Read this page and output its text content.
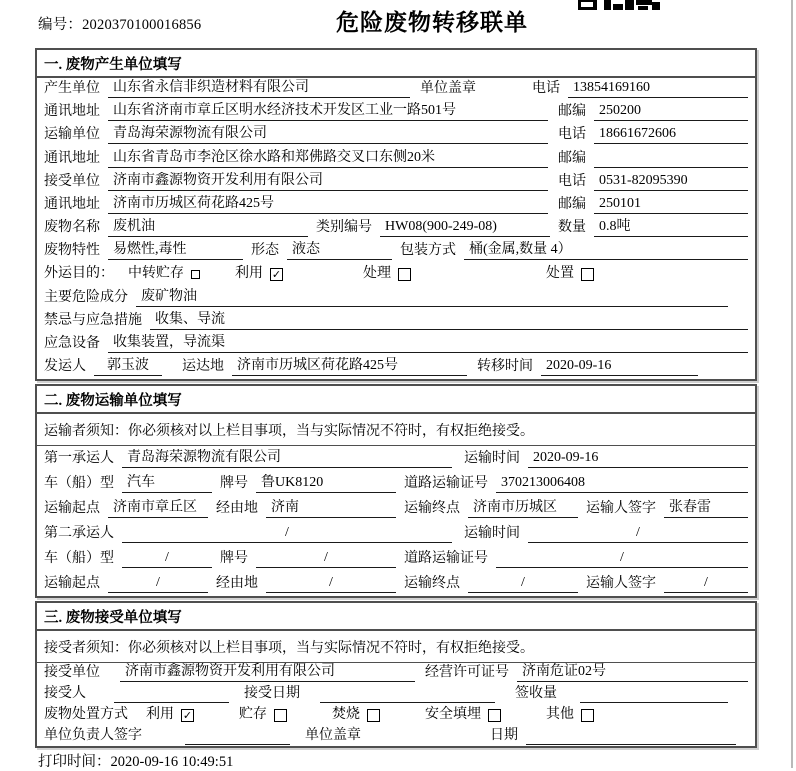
编号：2020370100016856	危险废物转移联单
一. 废物产生单位填写
产生单位 山东省永信非织造材料有限公司	单位盖章	电话 13854169160
通讯地址 山东省济南市章丘区明水经济技术开发区工业一路501号	邮编 250200
运输单位 青岛海荣源物流有限公司	电话 18661672606
通讯地址 山东省青岛市李沧区徐水路和郑佛路交叉口东侧20米	邮编
接受单位 济南市鑫源物资开发利用有限公司	电话 0531-82095390
通讯地址 济南市历城区荷花路425号	邮编 250101
废物名称 废机油	类别编号 HW08(900-249-08)	数量 0.8吨
废物特性 易燃性,毒性	形态 液态	包装方式 桶(金属,数量 4）
外运目的： 中转贮存	利用 ✓	处理	处置
主要危险成分 废矿物油
禁忌与应急措施 收集、导流
应急设备 收集装置，导流渠
发运人	郭玉波	运达地 济南市历城区荷花路425号	转移时间 2020-09-16
二. 废物运输单位填写
运输者须知：你必须核对以上栏目事项，当与实际情况不符时，有权拒绝接受。
第一承运人 青岛海荣源物流有限公司	运输时间 2020-09-16
车（船）型 汽车	牌号 鲁UK8120	道路运输证号 370213006408
运输起点 济南市章丘区	经由地 济南	运输终点 济南市历城区	运输人签字 张春雷
第二承运人	/	运输时间	/
车（船）型	/	牌号	/	道路运输证号	/
运输起点	/	经由地	/	运输终点	/	运输人签字	/
三. 废物接受单位填写
接受者须知：你必须核对以上栏目事项，当与实际情况不符时，有权拒绝接受。
接受单位	济南市鑫源物资开发利用有限公司	经营许可证号 济南危证02号
接受人	接受日期	签收量
废物处置方式 利用 ✓	贮存	焚烧	安全填埋	其他
单位负责人签字	单位盖章	日期
打印时间：2020-09-16 10:49:51
